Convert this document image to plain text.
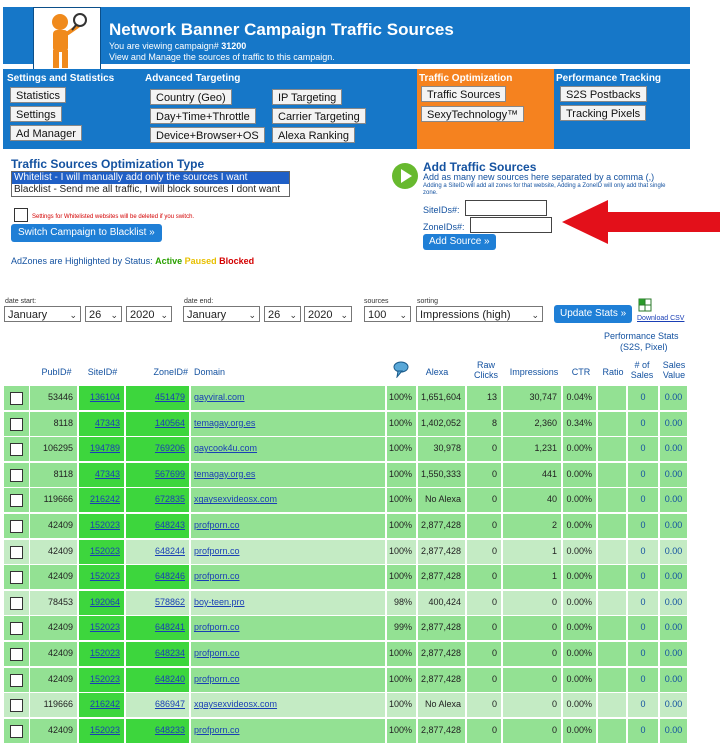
Network Banner Campaign Traffic Sources
You are viewing campaign# 31200
View and Manage the sources of traffic to this campaign.
Settings and Statistics
Statistics
Settings
Ad Manager
Advanced Targeting
Country (Geo)
Day+Time+Throttle
Device+Browser+OS
IP Targeting
Carrier Targeting
Alexa Ranking
Traffic Optimization
Traffic Sources
SexyTechnology™
Performance Tracking
S2S Postbacks
Tracking Pixels
Traffic Sources Optimization Type
Whitelist - I will manually add only the sources I want
Blacklist - Send me all traffic, I will block sources I dont want
Settings for Whitelisted websites will be deleted if you switch.
Switch Campaign to Blacklist »
AdZones are Highlighted by Status: Active Paused Blocked
Add Traffic Sources
Add as many new sources here separated by a comma (,)
Adding a SiteID will add all zones for that website, Adding a ZoneID will only add that single zone.
SiteIDs#:
ZoneIDs#:
Add Source »
date start:
January ⌄	26 ⌄	2020 ⌄
date end:
January ⌄	26 ⌄	2020 ⌄
sources
100 ⌄
sorting
Impressions (high) ⌄	Update Stats »	Download CSV
Performance Stats
(S2S, Pixel)
PubID#	SiteID#	ZoneID# Domain	Alexa
Raw
Clicks	Impressions	CTR	Ratio
# of
Sales
Sales
Value
53446	136104	451479	gayviral.com	100% 1,651,604	13	30,747	0.04%	0	0.00
8118	47343	140564	temagay.org.es	100% 1,402,052	8	2,360	0.34%	0	0.00
106295	194789	769206	gaycook4u.com	100%	30,978	0	1,231	0.00%	0	0.00
8118	47343	567699	temagay.org.es	100% 1,550,333	0	441	0.00%	0	0.00
119666	216242	672835	xgaysexvideosx.com	100%	No Alexa	0	40	0.00%	0	0.00
42409	152023	648243	profporn.co	100% 2,877,428	0	2	0.00%	0	0.00
42409	152023	648244	profporn.co	100% 2,877,428	0	1	0.00%	0	0.00
42409	152023	648246	profporn.co	100% 2,877,428	0	1	0.00%	0	0.00
78453	192064	578862	boy-teen.pro	98%	400,424	0	0	0.00%	0	0.00
42409	152023	648241	profporn.co	99% 2,877,428	0	0	0.00%	0	0.00
42409	152023	648234	profporn.co	100% 2,877,428	0	0	0.00%	0	0.00
42409	152023	648240	profporn.co	100% 2,877,428	0	0	0.00%	0	0.00
119666	216242	686947	xgaysexvideosx.com	100%	No Alexa	0	0	0.00%	0	0.00
42409	152023	648233	profporn.co	100% 2,877,428	0	0	0.00%	0	0.00
